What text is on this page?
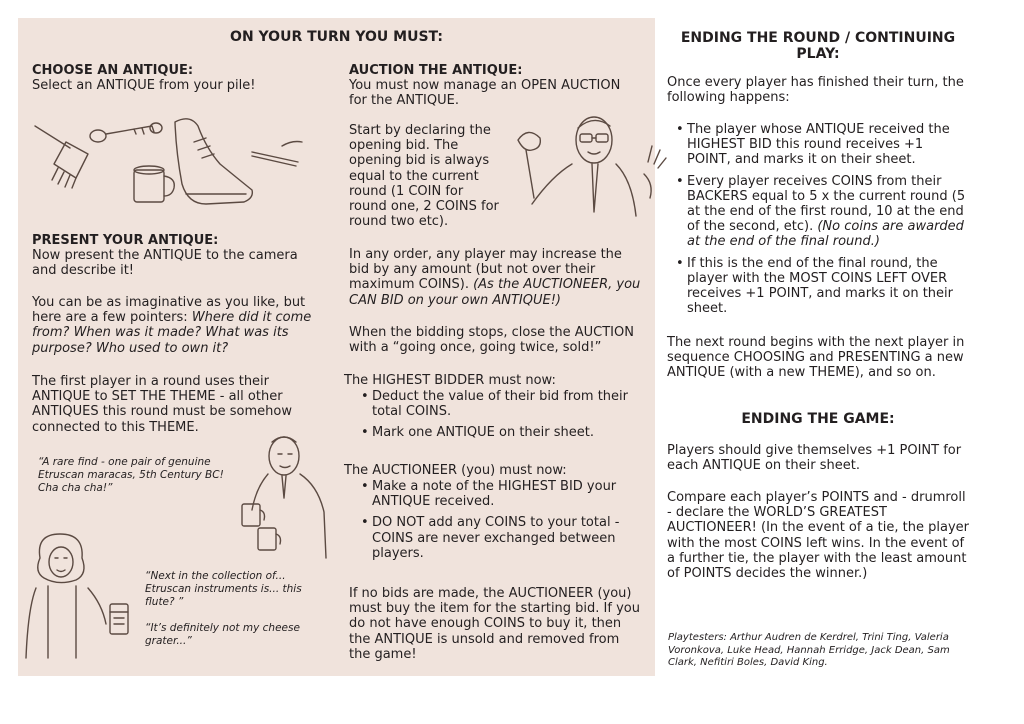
ON YOUR TURN YOU MUST:
CHOOSE AN ANTIQUE:
Select an ANTIQUE from your pile!
PRESENT YOUR ANTIQUE:
Now present the ANTIQUE to the camera and describe it!
You can be as imaginative as you like, but here are a few pointers: Where did it come from? When was it made? What was its purpose? Who used to own it?
The first player in a round uses their ANTIQUE to SET THE THEME - all other ANTIQUES this round must be somehow connected to this THEME.
“A rare find - one pair of genuine Etruscan maracas, 5th Century BC! Cha cha cha!”
“Next in the collection of... Etruscan instruments is... this flute? ”
“It’s definitely not my cheese grater...”
AUCTION THE ANTIQUE:
You must now manage an OPEN AUCTION for the ANTIQUE.
Start by declaring the opening bid. The opening bid is always equal to the current round (1 COIN for round one, 2 COINS for round two etc).
In any order, any player may increase the bid by any amount (but not over their maximum COINS). (As the AUCTIONEER, you CAN BID on your own ANTIQUE!)
When the bidding stops, close the AUCTION with a “going once, going twice, sold!”
The HIGHEST BIDDER must now:
• Deduct the value of their bid from their total COINS.
• Mark one ANTIQUE on their sheet.
The AUCTIONEER (you) must now:
• Make a note of the HIGHEST BID your ANTIQUE received.
• DO NOT add any COINS to your total - COINS are never exchanged between players.
If no bids are made, the AUCTIONEER (you) must buy the item for the starting bid. If you do not have enough COINS to buy it, then the ANTIQUE is unsold and removed from the game!
ENDING THE ROUND / CONTINUING PLAY:
Once every player has finished their turn, the following happens:
• The player whose ANTIQUE received the HIGHEST BID this round receives +1 POINT, and marks it on their sheet.
• Every player receives COINS from their BACKERS equal to 5 x the current round (5 at the end of the first round, 10 at the end of the second, etc). (No coins are awarded at the end of the final round.)
• If this is the end of the final round, the player with the MOST COINS LEFT OVER receives +1 POINT, and marks it on their sheet.
The next round begins with the next player in sequence CHOOSING and PRESENTING a new ANTIQUE (with a new THEME), and so on.
ENDING THE GAME:
Players should give themselves +1 POINT for each ANTIQUE on their sheet.
Compare each player’s POINTS and - drumroll - declare the WORLD’S GREATEST AUCTIONEER! (In the event of a tie, the player with the most COINS left wins. In the event of a further tie, the player with the least amount of POINTS decides the winner.)
Playtesters: Arthur Audren de Kerdrel, Trini Ting, Valeria Voronkova, Luke Head, Hannah Erridge, Jack Dean, Sam Clark, Nefitiri Boles, David King.
